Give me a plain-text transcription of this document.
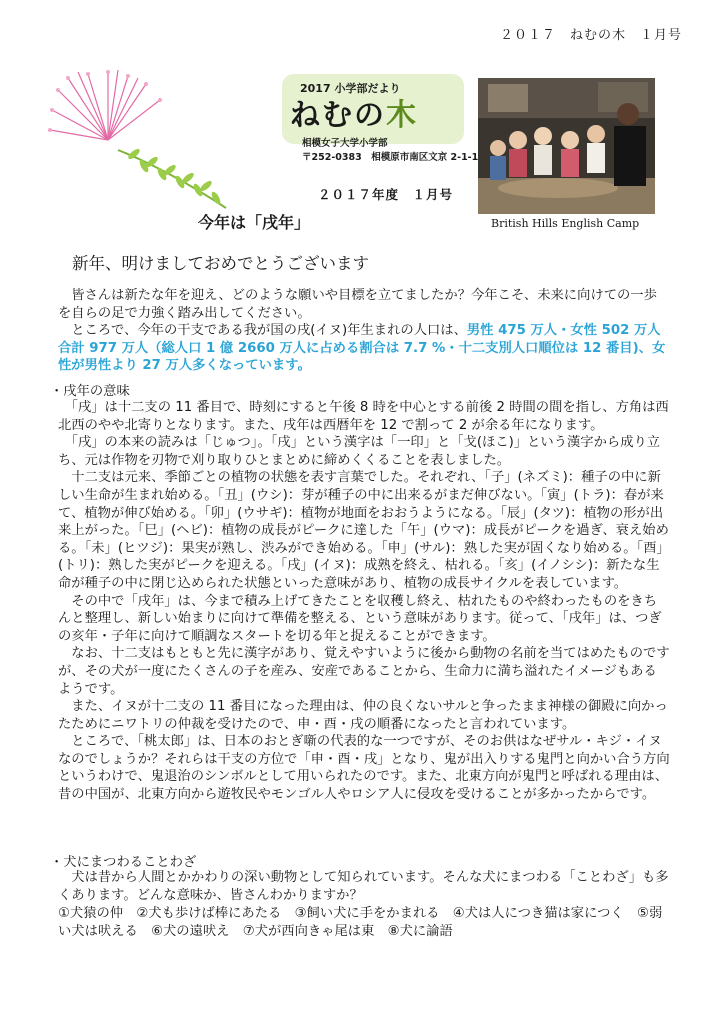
２０１７　ねむの木　１月号
2017 小学部だより
ねむの木
相模女子大学小学部
〒252-0383　相模原市南区文京 2-1-1
２０１７年度　１月号
今年は「戌年」	British Hills English Camp
新年、明けましておめでとうございます

　皆さんは新たな年を迎え、どのような願いや目標を立てましたか？今年こそ、未来に向けての一歩を自らの足で力強く踏み出してください。

　ところで、今年の干支である我が国の戌(イヌ)年生まれの人口は、男性 475 万人・女性 502 万人合計 977 万人（総人口 1 億 2660 万人に占める割合は 7.7 %・十二支別人口順位は 12 番目)、女性が男性より 27 万人多くなっています。

・戌年の意味

　「戌」は十二支の 11 番目で、時刻にすると午後 8 時を中心とする前後 2 時間の間を指し、方角は西北西のやや北寄りとなります。また、戌年は西暦年を 12 で割って 2 が余る年になります。

　「戌」の本来の読みは「じゅつ」。「戌」という漢字は「一印」と「戈(ほこ)」という漢字から成り立ち、元は作物を刃物で刈り取りひとまとめに締めくくることを表しました。

　十二支は元来、季節ごとの植物の状態を表す言葉でした。それぞれ、「子」(ネズミ)：種子の中に新しい生命が生まれ始める。「丑」(ウシ)：芽が種子の中に出来るがまだ伸びない。「寅」(トラ)：春が来て、植物が伸び始める。「卯」(ウサギ)：植物が地面をおおうようになる。「辰」(タツ)：植物の形が出来上がった。「巳」(ヘビ)：植物の成長がピークに達した「午」(ウマ)：成長がピークを過ぎ、衰え始める。「未」(ヒツジ)：果実が熟し、渋みができ始める。「申」(サル)：熟した実が固くなり始める。「酉」(トリ)：熟した実がピークを迎える。「戌」(イヌ)：成熟を終え、枯れる。「亥」(イノシシ)：新たな生命が種子の中に閉じ込められた状態といった意味があり、植物の成長サイクルを表しています。

　その中で「戌年」は、今まで積み上げてきたことを収穫し終え、枯れたものや終わったものをきちんと整理し、新しい始まりに向けて準備を整える、という意味があります。従って、「戌年」は、つぎの亥年・子年に向けて順調なスタートを切る年と捉えることができます。

　なお、十二支はもともと先に漢字があり、覚えやすいように後から動物の名前を当てはめたものですが、その犬が一度にたくさんの子を産み、安産であることから、生命力に満ち溢れたイメージもあるようです。

　また、イヌが十二支の 11 番目になった理由は、仲の良くないサルと争ったまま神様の御殿に向かったためにニワトリの仲裁を受けたので、申・酉・戌の順番になったと言われています。

　ところで、「桃太郎」は、日本のおとぎ噺の代表的な一つですが、そのお供はなぜサル・キジ・イヌなのでしょうか？それらは干支の方位で「申・酉・戌」となり、鬼が出入りする鬼門と向かい合う方向というわけで、鬼退治のシンボルとして用いられたのです。また、北東方向が鬼門と呼ばれる理由は、昔の中国が、北東方向から遊牧民やモンゴル人やロシア人に侵攻を受けることが多かったからです。

・犬にまつわることわざ

　犬は昔から人間とかかわりの深い動物として知られています。そんな犬にまつわる「ことわざ」も多くあります。どんな意味か、皆さんわかりますか？

①犬猿の仲　②犬も歩けば棒にあたる　③飼い犬に手をかまれる　④犬は人につき猫は家につく　⑤弱い犬は吠える　⑥犬の遠吠え　⑦犬が西向きゃ尾は東　⑧犬に論語
